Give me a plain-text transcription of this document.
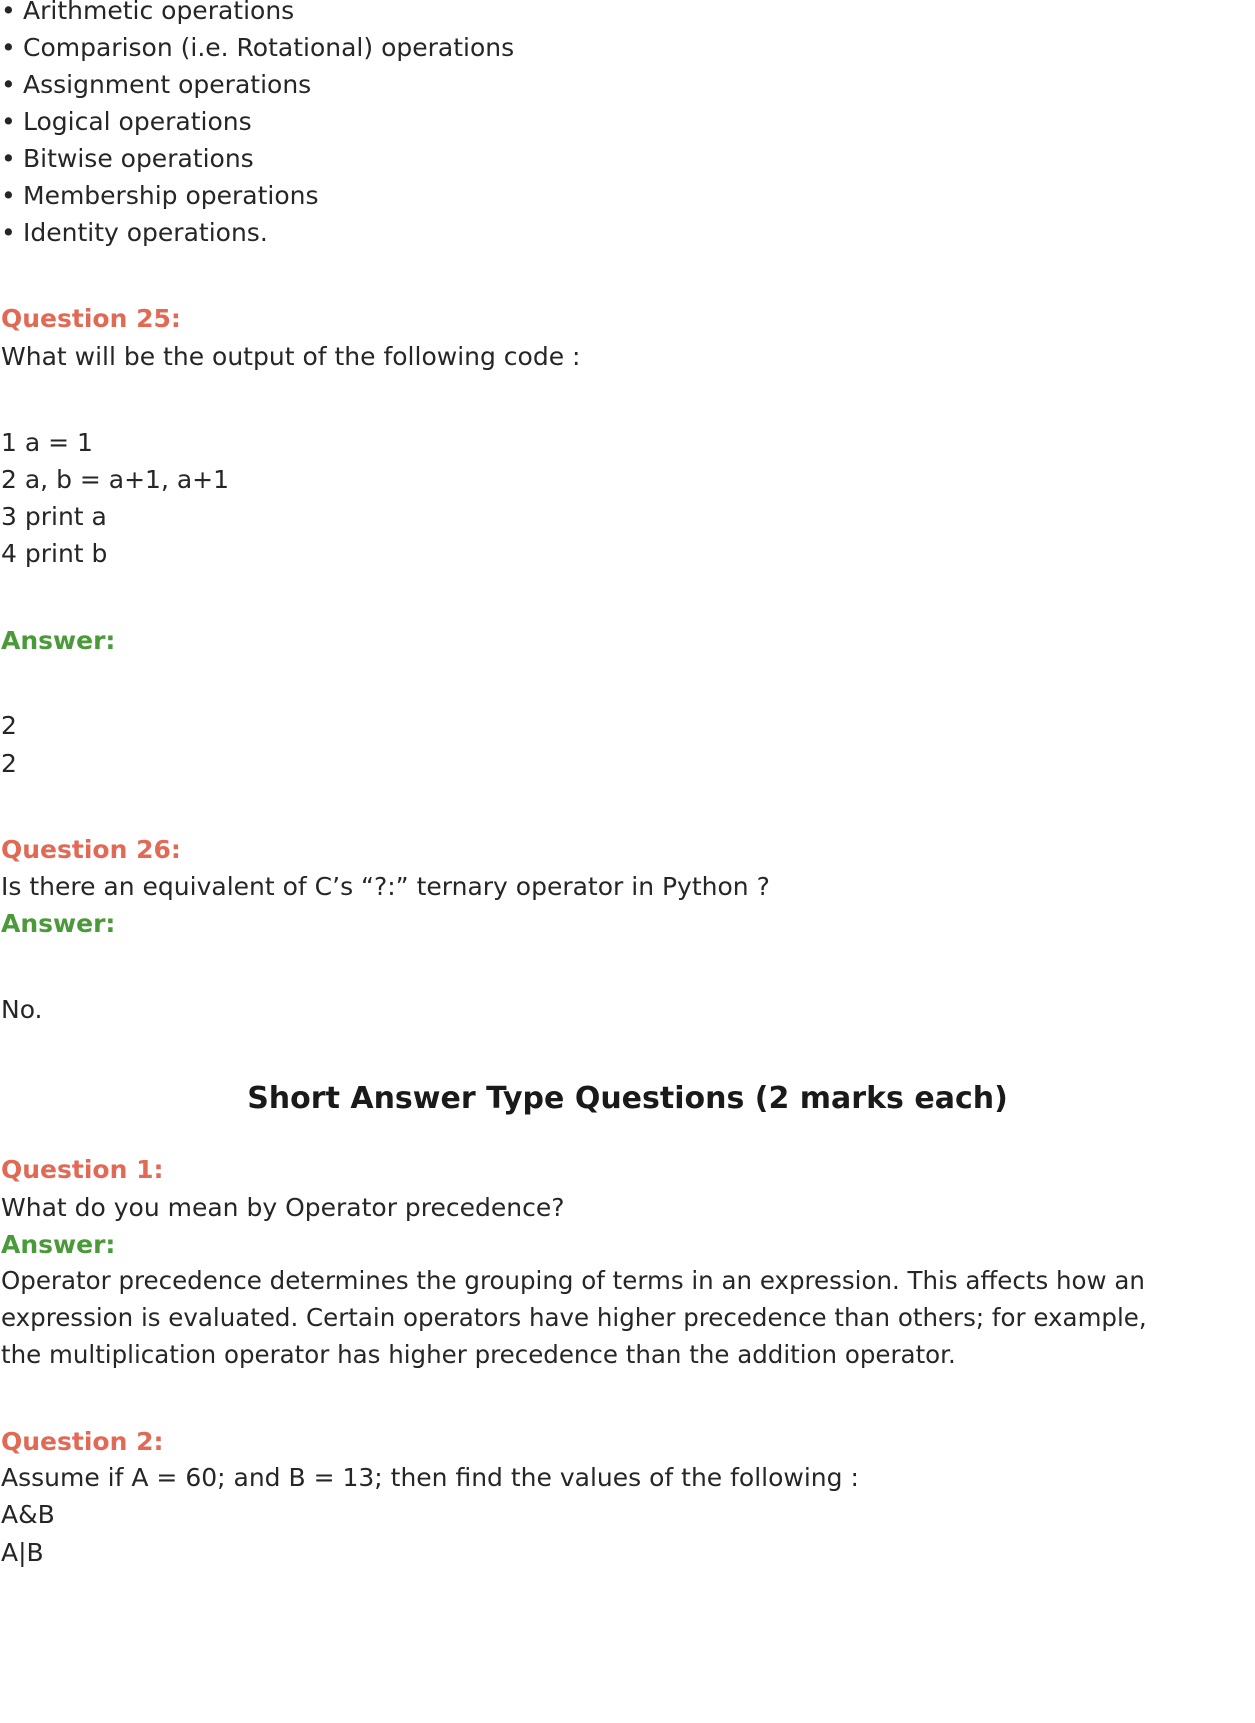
• Arithmetic operations

• Comparison (i.e. Rotational) operations

• Assignment operations

• Logical operations

• Bitwise operations

• Membership operations

• Identity operations.

Question 25:

What will be the output of the following code :

1 a = 1

2 a, b = a+1, a+1

3 print a

4 print b

Answer:

2

2

Question 26:

Is there an equivalent of C’s “?:” ternary operator in Python ?

Answer:

No.

Short Answer Type Questions (2 marks each)

Question 1:

What do you mean by Operator precedence?

Answer:

Operator precedence determines the grouping of terms in an expression. This affects how an

expression is evaluated. Certain operators have higher precedence than others; for example,

the multiplication operator has higher precedence than the addition operator.

Question 2:

Assume if A = 60; and B = 13; then find the values of the following :

A&B

A|B
